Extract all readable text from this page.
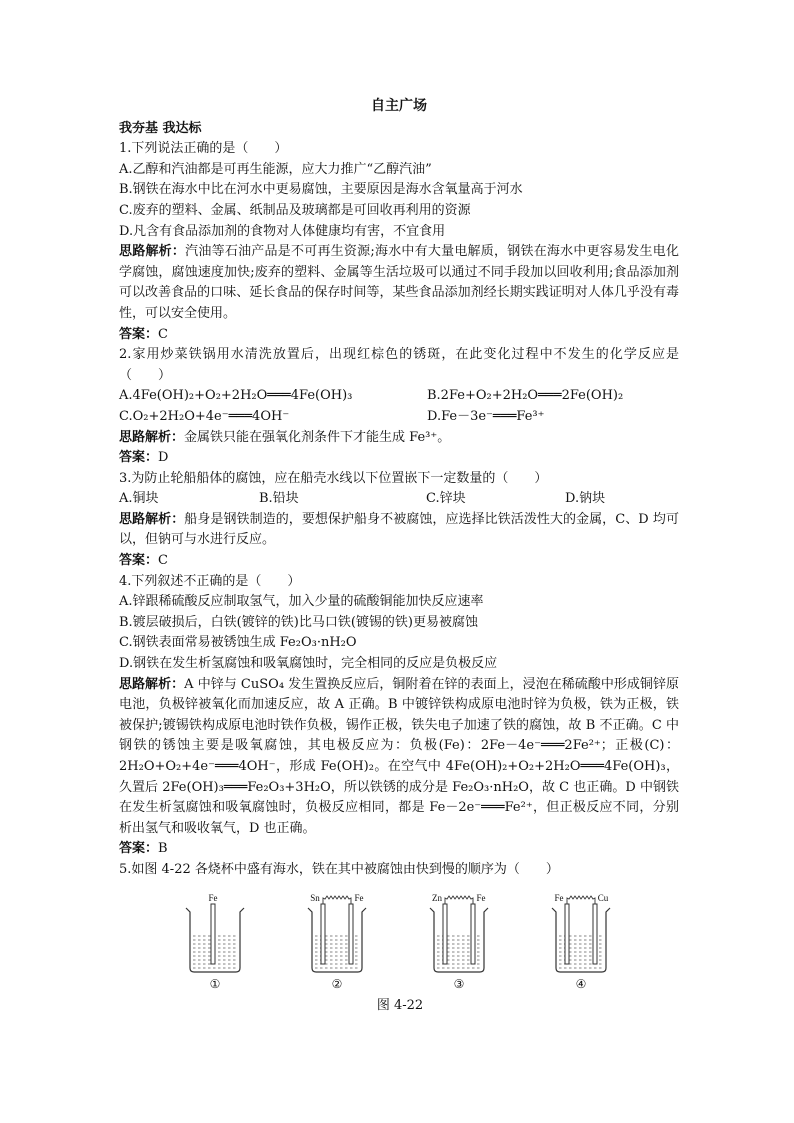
自主广场
我夯基 我达标
1.下列说法正确的是（　　）
A.乙醇和汽油都是可再生能源，应大力推广“乙醇汽油”
B.钢铁在海水中比在河水中更易腐蚀，主要原因是海水含氧量高于河水
C.废弃的塑料、金属、纸制品及玻璃都是可回收再利用的资源
D.凡含有食品添加剂的食物对人体健康均有害，不宜食用
思路解析：汽油等石油产品是不可再生资源;海水中有大量电解质，钢铁在海水中更容易发生电化学腐蚀，腐蚀速度加快;废弃的塑料、金属等生活垃圾可以通过不同手段加以回收利用;食品添加剂可以改善食品的口味、延长食品的保存时间等，某些食品添加剂经长期实践证明对人体几乎没有毒性，可以安全使用。
答案：C
2.家用炒菜铁锅用水清洗放置后，出现红棕色的锈斑，在此变化过程中不发生的化学反应是（　　）
A.4Fe(OH)₂+O₂+2H₂O═══4Fe(OH)₃	B.2Fe+O₂+2H₂O═══2Fe(OH)₂
C.O₂+2H₂O+4e⁻═══4OH⁻	D.Fe－3e⁻═══Fe³⁺
思路解析：金属铁只能在强氧化剂条件下才能生成 Fe³⁺。
答案：D
3.为防止轮船船体的腐蚀，应在船壳水线以下位置嵌下一定数量的（　　）
A.铜块	B.铅块	C.锌块	D.钠块
思路解析：船身是钢铁制造的，要想保护船身不被腐蚀，应选择比铁活泼性大的金属，C、D 均可以，但钠可与水进行反应。
答案：C
4.下列叙述不正确的是（　　）
A.锌跟稀硫酸反应制取氢气，加入少量的硫酸铜能加快反应速率
B.镀层破损后，白铁(镀锌的铁)比马口铁(镀锡的铁)更易被腐蚀
C.钢铁表面常易被锈蚀生成 Fe₂O₃·nH₂O
D.钢铁在发生析氢腐蚀和吸氧腐蚀时，完全相同的反应是负极反应
思路解析：A 中锌与 CuSO₄ 发生置换反应后，铜附着在锌的表面上，浸泡在稀硫酸中形成铜锌原电池，负极锌被氧化而加速反应，故 A 正确。B 中镀锌铁构成原电池时锌为负极，铁为正极，铁被保护;镀锡铁构成原电池时铁作负极，锡作正极，铁失电子加速了铁的腐蚀，故 B 不正确。C 中钢铁的锈蚀主要是吸氧腐蚀，其电极反应为：负极(Fe)：2Fe－4e⁻═══2Fe²⁺；正极(C)：2H₂O+O₂+4e⁻═══4OH⁻，形成 Fe(OH)₂。在空气中 4Fe(OH)₂+O₂+2H₂O═══4Fe(OH)₃，久置后 2Fe(OH)₃═══Fe₂O₃+3H₂O，所以铁锈的成分是 Fe₂O₃·nH₂O，故 C 也正确。D 中钢铁在发生析氢腐蚀和吸氧腐蚀时，负极反应相同，都是 Fe－2e⁻═══Fe²⁺，但正极反应不同，分别析出氢气和吸收氧气，D 也正确。
答案：B
5.如图 4-22 各烧杯中盛有海水，铁在其中被腐蚀由快到慢的顺序为（　　）
Fe
①
Sn	Fe
②
Zn	Fe
③
Fe	Cu
④
图 4-22
